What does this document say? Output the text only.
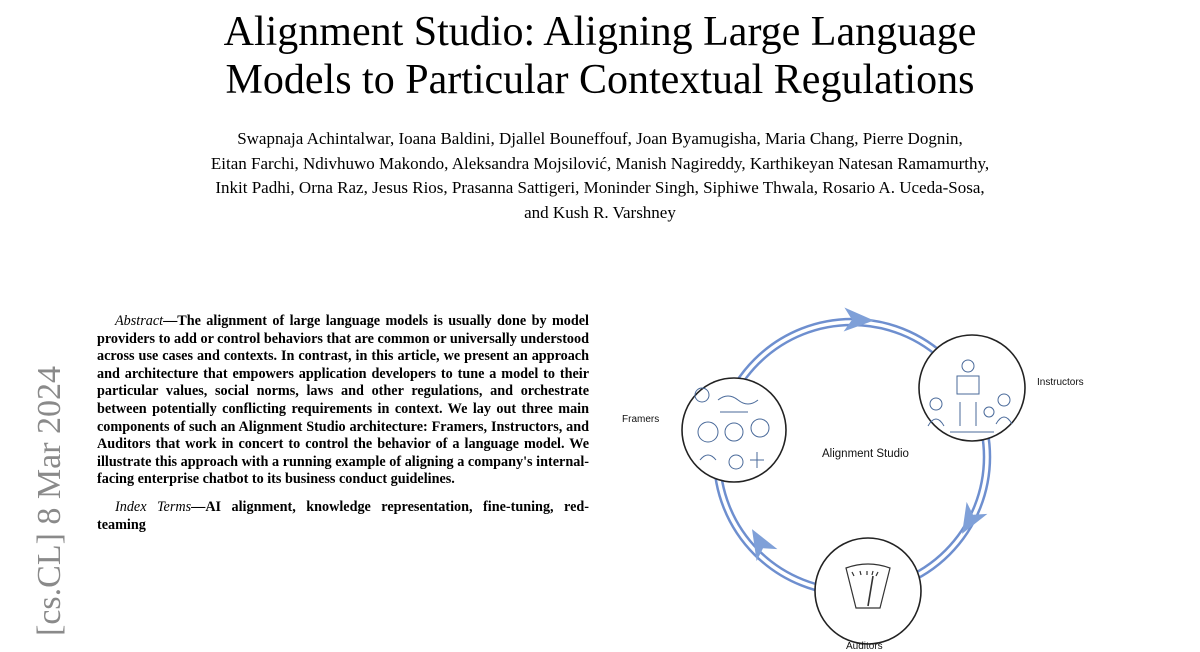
Alignment Studio: Aligning Large Language
Models to Particular Contextual Regulations
Swapnaja Achintalwar, Ioana Baldini, Djallel Bouneffouf, Joan Byamugisha, Maria Chang, Pierre Dognin,
Eitan Farchi, Ndivhuwo Makondo, Aleksandra Mojsilović, Manish Nagireddy, Karthikeyan Natesan Ramamurthy,
Inkit Padhi, Orna Raz, Jesus Rios, Prasanna Sattigeri, Moninder Singh, Siphiwe Thwala, Rosario A. Uceda-Sosa,
and Kush R. Varshney
[cs.CL] 8 Mar 2024

Abstract—The alignment of large language models is usually done by model providers to add or control behaviors that are common or universally understood across use cases and contexts. In contrast, in this article, we present an approach and architecture that empowers application developers to tune a model to their particular values, social norms, laws and other regulations, and orchestrate between potentially conflicting requirements in context. We lay out three main components of such an Alignment Studio architecture: Framers, Instructors, and Auditors that work in concert to control the behavior of a language model. We illustrate this approach with a running example of aligning a company's internal-facing enterprise chatbot to its business conduct guidelines.

Index Terms—AI alignment, knowledge representation, fine-tuning, red-teaming

Framers
Instructors
Auditors
Alignment Studio
